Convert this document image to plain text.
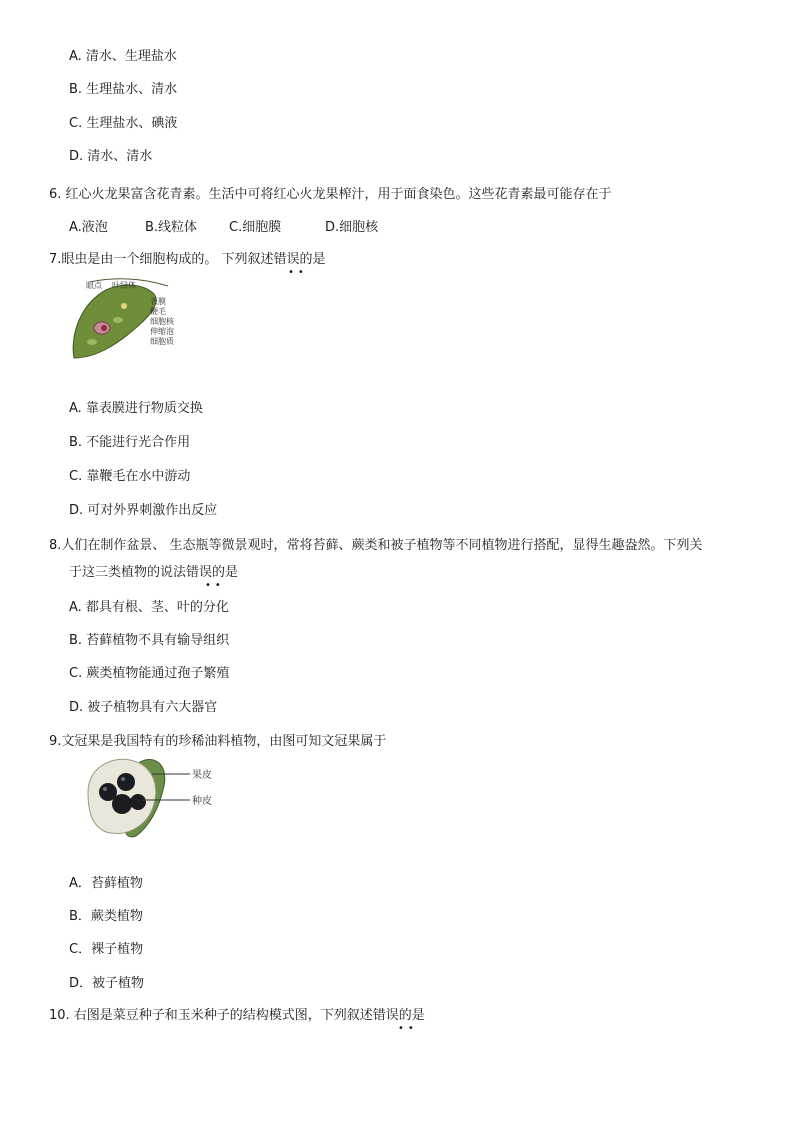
A. 清水、生理盐水
B. 生理盐水、清水
C. 生理盐水、碘液
D. 清水、清水
6. 红心火龙果富含花青素。生活中可将红心火龙果榨汁，用于面食染色。这些花青素最可能存在于
A.液泡	B.线粒体 C.细胞膜	D.细胞核
7.眼虫是由一个细胞构成的。 下列叙述错误的是
••
眼点 叶绿体
表膜
鞭毛
细胞核
伸缩泡
细胞质
A. 靠表膜进行物质交换
B. 不能进行光合作用
C. 靠鞭毛在水中游动
D. 可对外界刺激作出反应
8.人们在制作盆景、 生态瓶等微景观时，常将苔藓、蕨类和被子植物等不同植物进行搭配，显得生趣盎然。下列关
于这三类植物的说法错误的是
••
A. 都具有根、茎、叶的分化
B. 苔藓植物不具有输导组织
C. 蕨类植物能通过孢子繁殖
D. 被子植物具有六大器官
9.文冠果是我国特有的珍稀油料植物，由图可知文冠果属于
果皮
种皮
A．苔藓植物
B．蕨类植物
C．裸子植物
D．被子植物
10. 右图是菜豆种子和玉米种子的结构模式图，下列叙述错误的是
••
